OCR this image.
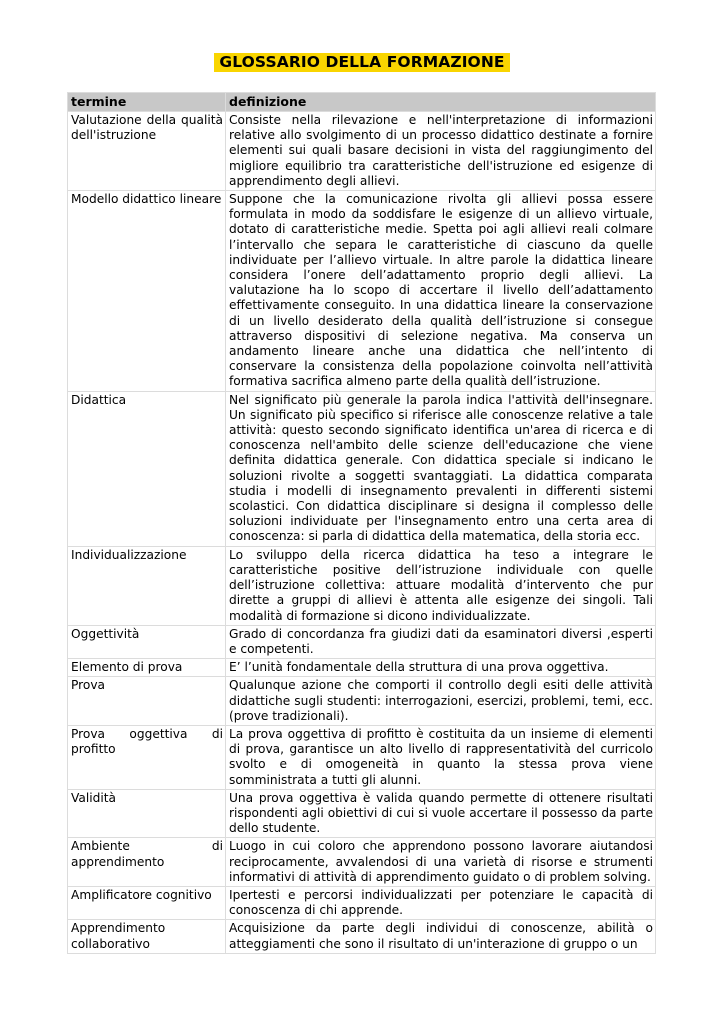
GLOSSARIO DELLA FORMAZIONE
termine	definizione
Valutazione della qualità dell'istruzione	Consiste nella rilevazione e nell'interpretazione di informazioni relative allo svolgimento di un processo didattico destinate a fornire elementi sui quali basare decisioni in vista del raggiungimento del migliore equilibrio tra caratteristiche dell'istruzione ed esigenze di apprendimento degli allievi.
Modello didattico lineare	Suppone che la comunicazione rivolta gli allievi possa essere formulata in modo da soddisfare le esigenze di un allievo virtuale, dotato di caratteristiche medie. Spetta poi agli allievi reali colmare l’intervallo che separa le caratteristiche di ciascuno da quelle individuate per l’allievo virtuale. In altre parole la didattica lineare considera l’onere dell’adattamento proprio degli allievi. La valutazione ha lo scopo di accertare il livello dell’adattamento effettivamente conseguito. In una didattica lineare la conservazione di un livello desiderato della qualità dell’istruzione si consegue attraverso dispositivi di selezione negativa. Ma conserva un andamento lineare anche una didattica che nell’intento di conservare la consistenza della popolazione coinvolta nell’attività formativa sacrifica almeno parte della qualità dell’istruzione.
Didattica	Nel significato più generale la parola indica l'attività dell'insegnare. Un significato più specifico si riferisce alle conoscenze relative a tale attività: questo secondo significato identifica un'area di ricerca e di conoscenza nell'ambito delle scienze dell'educazione che viene definita didattica generale. Con didattica speciale si indicano le soluzioni rivolte a soggetti svantaggiati. La didattica comparata studia i modelli di insegnamento prevalenti in differenti sistemi scolastici. Con didattica disciplinare si designa il complesso delle soluzioni individuate per l'insegnamento entro una certa area di conoscenza: si parla di didattica della matematica, della storia ecc.
Individualizzazione	Lo sviluppo della ricerca didattica ha teso a integrare le caratteristiche positive dell’istruzione individuale con quelle dell’istruzione collettiva: attuare modalità d’intervento che pur dirette a gruppi di allievi è attenta alle esigenze dei singoli. Tali modalità di formazione si dicono individualizzate.
Oggettività	Grado di concordanza fra giudizi dati da esaminatori diversi ,esperti e competenti.
Elemento di prova	E’ l’unità fondamentale della struttura di una prova oggettiva.
Prova	Qualunque azione che comporti il controllo degli esiti delle attività didattiche sugli studenti: interrogazioni, esercizi, problemi, temi, ecc. (prove tradizionali).
Prova oggettiva di profitto	La prova oggettiva di profitto è costituita da un insieme di elementi di prova, garantisce un alto livello di rappresentatività del curricolo svolto e di omogeneità in quanto la stessa prova viene somministrata a tutti gli alunni.
Validità	Una prova oggettiva è valida quando permette di ottenere risultati rispondenti agli obiettivi di cui si vuole accertare il possesso da parte dello studente.
Ambiente di apprendimento	Luogo in cui coloro che apprendono possono lavorare aiutandosi reciprocamente, avvalendosi di una varietà di risorse e strumenti informativi di attività di apprendimento guidato o di problem solving.
Amplificatore cognitivo	Ipertesti e percorsi individualizzati per potenziare le capacità di conoscenza di chi apprende.
Apprendimento collaborativo	Acquisizione da parte degli individui di conoscenze, abilità o atteggiamenti che sono il risultato di un'interazione di gruppo o un
